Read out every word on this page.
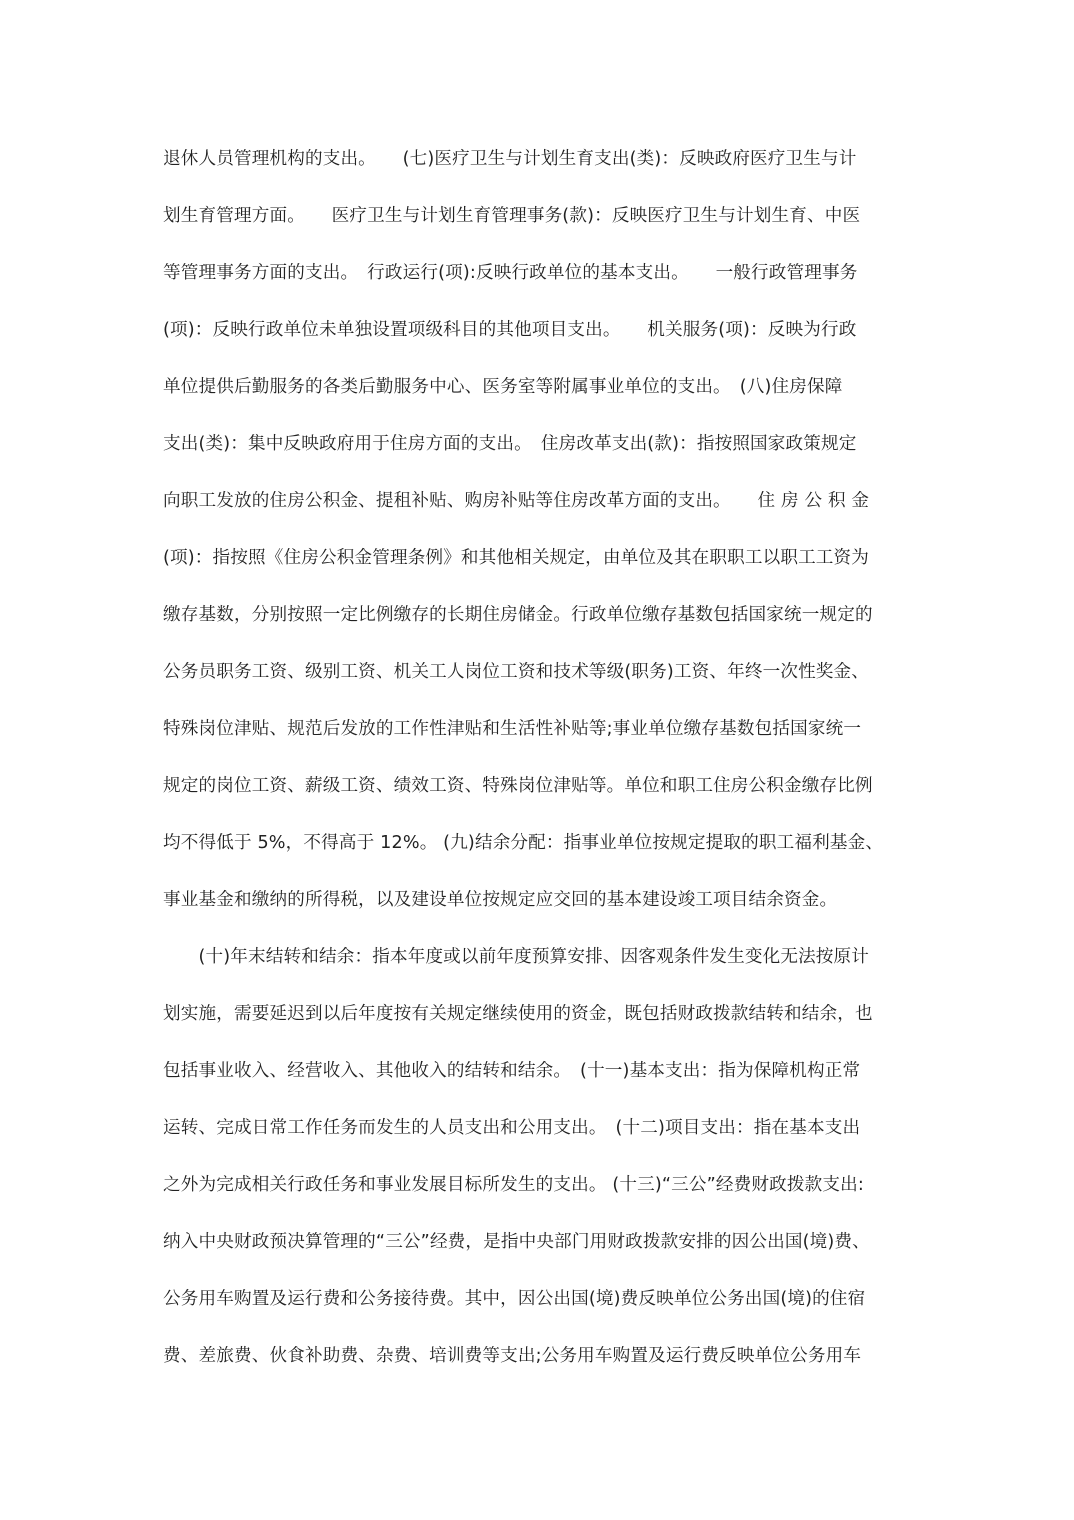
退休人员管理机构的支出。　　(七)医疗卫生与计划生育支出(类)：反映政府医疗卫生与计
划生育管理方面。　　医疗卫生与计划生育管理事务(款)：反映医疗卫生与计划生育、中医
等管理事务方面的支出。　行政运行(项):反映行政单位的基本支出。　　一般行政管理事务
(项)：反映行政单位未单独设置项级科目的其他项目支出。　　机关服务(项)：反映为行政
单位提供后勤服务的各类后勤服务中心、医务室等附属事业单位的支出。　(八)住房保障
支出(类)：集中反映政府用于住房方面的支出。　住房改革支出(款)：指按照国家政策规定
向职工发放的住房公积金、提租补贴、购房补贴等住房改革方面的支出。　　住 房 公 积 金
(项)：指按照《住房公积金管理条例》和其他相关规定，由单位及其在职职工以职工工资为
缴存基数，分别按照一定比例缴存的长期住房储金。行政单位缴存基数包括国家统一规定的
公务员职务工资、级别工资、机关工人岗位工资和技术等级(职务)工资、年终一次性奖金、
特殊岗位津贴、规范后发放的工作性津贴和生活性补贴等;事业单位缴存基数包括国家统一
规定的岗位工资、薪级工资、绩效工资、特殊岗位津贴等。单位和职工住房公积金缴存比例
均不得低于 5%，不得高于 12%。 (九)结余分配：指事业单位按规定提取的职工福利基金、
事业基金和缴纳的所得税，以及建设单位按规定应交回的基本建设竣工项目结余资金。
　　(十)年末结转和结余：指本年度或以前年度预算安排、因客观条件发生变化无法按原计
划实施，需要延迟到以后年度按有关规定继续使用的资金，既包括财政拨款结转和结余，也
包括事业收入、经营收入、其他收入的结转和结余。　(十一)基本支出：指为保障机构正常
运转、完成日常工作任务而发生的人员支出和公用支出。　(十二)项目支出：指在基本支出
之外为完成相关行政任务和事业发展目标所发生的支出。 (十三)“三公”经费财政拨款支出:
纳入中央财政预决算管理的“三公”经费，是指中央部门用财政拨款安排的因公出国(境)费、
公务用车购置及运行费和公务接待费。其中，因公出国(境)费反映单位公务出国(境)的住宿
费、差旅费、伙食补助费、杂费、培训费等支出;公务用车购置及运行费反映单位公务用车
